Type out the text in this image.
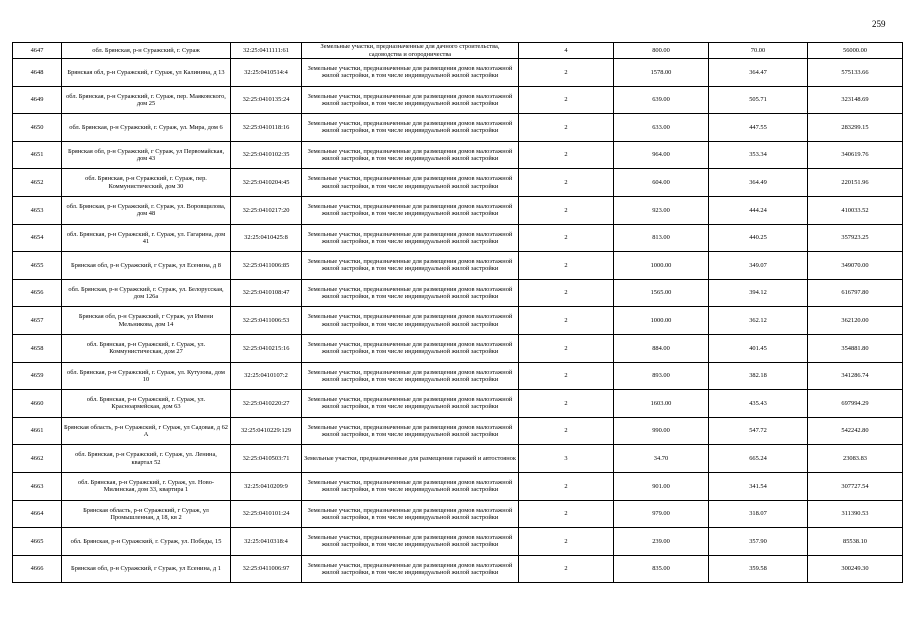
259
4647	обл. Брянская, р-н Суражский, г. Сураж	32:25:0411111:61	Земельные участки, предназначенные для дачного строительства, садоводства и огородничества	4	800.00	70.00	56000.00
4648	Брянская обл, р-н Суражский, г Сураж, ул Калинина, д 13	32:25:0410514:4	Земельные участки, предназначенные для размещения домов малоэтажной жилой застройки, в том числе индивидуальной жилой застройки	2	1578.00	364.47	575133.66
4649	обл. Брянская, р-н Суражский, г. Сураж, пер. Маяковского, дом 25	32:25:0410135:24	Земельные участки, предназначенные для размещения домов малоэтажной жилой застройки, в том числе индивидуальной жилой застройки	2	639.00	505.71	323148.69
4650	обл. Брянская, р-н Суражский, г. Сураж, ул. Мира, дом 6	32:25:0410118:16	Земельные участки, предназначенные для размещения домов малоэтажной жилой застройки, в том числе индивидуальной жилой застройки	2	633.00	447.55	283299.15
4651	Брянская обл, р-н Суражский, г Сураж, ул Первомайская, дом 43	32:25:0410102:35	Земельные участки, предназначенные для размещения домов малоэтажной жилой застройки, в том числе индивидуальной жилой застройки	2	964.00	353.34	340619.76
4652	обл. Брянская, р-н Суражский, г. Сураж, пер. Коммунистический, дом 30	32:25:0410204:45	Земельные участки, предназначенные для размещения домов малоэтажной жилой застройки, в том числе индивидуальной жилой застройки	2	604.00	364.49	220151.96
4653	обл. Брянская, р-н Суражский, г. Сураж, ул. Воровщилова, дом 48	32:25:0410217:20	Земельные участки, предназначенные для размещения домов малоэтажной жилой застройки, в том числе индивидуальной жилой застройки	2	923.00	444.24	410033.52
4654	обл. Брянская, р-н Суражский, г. Сураж, ул. Гагарина, дом 41	32:25:0410425:8	Земельные участки, предназначенные для размещения домов малоэтажной жилой застройки, в том числе индивидуальной жилой застройки	2	813.00	440.25	357923.25
4655	Брянская обл, р-н Суражский, г Сураж, ул Есенина, д 8	32:25:0411006:85	Земельные участки, предназначенные для размещения домов малоэтажной жилой застройки, в том числе индивидуальной жилой застройки	2	1000.00	349.07	349070.00
4656	обл. Брянская, р-н Суражский, г. Сураж, ул. Белорусская, дом 126а	32:25:0410108:47	Земельные участки, предназначенные для размещения домов малоэтажной жилой застройки, в том числе индивидуальной жилой застройки	2	1565.00	394.12	616797.80
4657	Брянская обл, р-н Суражский, г Сураж, ул Имени Мельникова, дом 14	32:25:0411006:53	Земельные участки, предназначенные для размещения домов малоэтажной жилой застройки, в том числе индивидуальной жилой застройки	2	1000.00	362.12	362120.00
4658	обл. Брянская, р-н Суражский, г. Сураж, ул. Коммунистическая, дом 27	32:25:0410215:16	Земельные участки, предназначенные для размещения домов малоэтажной жилой застройки, в том числе индивидуальной жилой застройки	2	884.00	401.45	354881.80
4659	обл. Брянская, р-н Суражский, г. Сураж, ул. Кутузова, дом 10	32:25:0410107:2	Земельные участки, предназначенные для размещения домов малоэтажной жилой застройки, в том числе индивидуальной жилой застройки	2	893.00	382.18	341286.74
4660	обл. Брянская, р-н Суражский, г. Сураж, ул. Красноармейская, дом 63	32:25:0410220:27	Земельные участки, предназначенные для размещения домов малоэтажной жилой застройки, в том числе индивидуальной жилой застройки	2	1603.00	435.43	697994.29
4661	Брянская область, р-н Суражский, г Сураж, ул Садовая, д 62 А	32:25:0410229:129	Земельные участки, предназначенные для размещения домов малоэтажной жилой застройки, в том числе индивидуальной жилой застройки	2	990.00	547.72	542242.80
4662	обл. Брянская, р-н Суражский, г. Сураж, ул. Ленина, квартал 52	32:25:0410503:71	Земельные участки, предназначенные для размещения гаражей и автостоянок	3	34.70	665.24	23083.83
4663	обл. Брянская, р-н Суражский, г. Сураж, ул. Ново-Милинская, дом 33, квартира 1	32:25:0410209:9	Земельные участки, предназначенные для размещения домов малоэтажной жилой застройки, в том числе индивидуальной жилой застройки	2	901.00	341.54	307727.54
4664	Брянская область, р-н Суражский, г Сураж, ул Промышленная, д 18, кв 2	32:25:0410101:24	Земельные участки, предназначенные для размещения домов малоэтажной жилой застройки, в том числе индивидуальной жилой застройки	2	979.00	318.07	311390.53
4665	обл. Брянская, р-н Суражский, г. Сураж, ул. Победы, 15	32:25:0410318:4	Земельные участки, предназначенные для размещения домов малоэтажной жилой застройки, в том числе индивидуальной жилой застройки	2	239.00	357.90	85538.10
4666	Брянская обл, р-н Суражский, г Сураж, ул Есенина, д 1	32:25:0411006:97	Земельные участки, предназначенные для размещения домов малоэтажной жилой застройки, в том числе индивидуальной жилой застройки	2	835.00	359.58	300249.30
